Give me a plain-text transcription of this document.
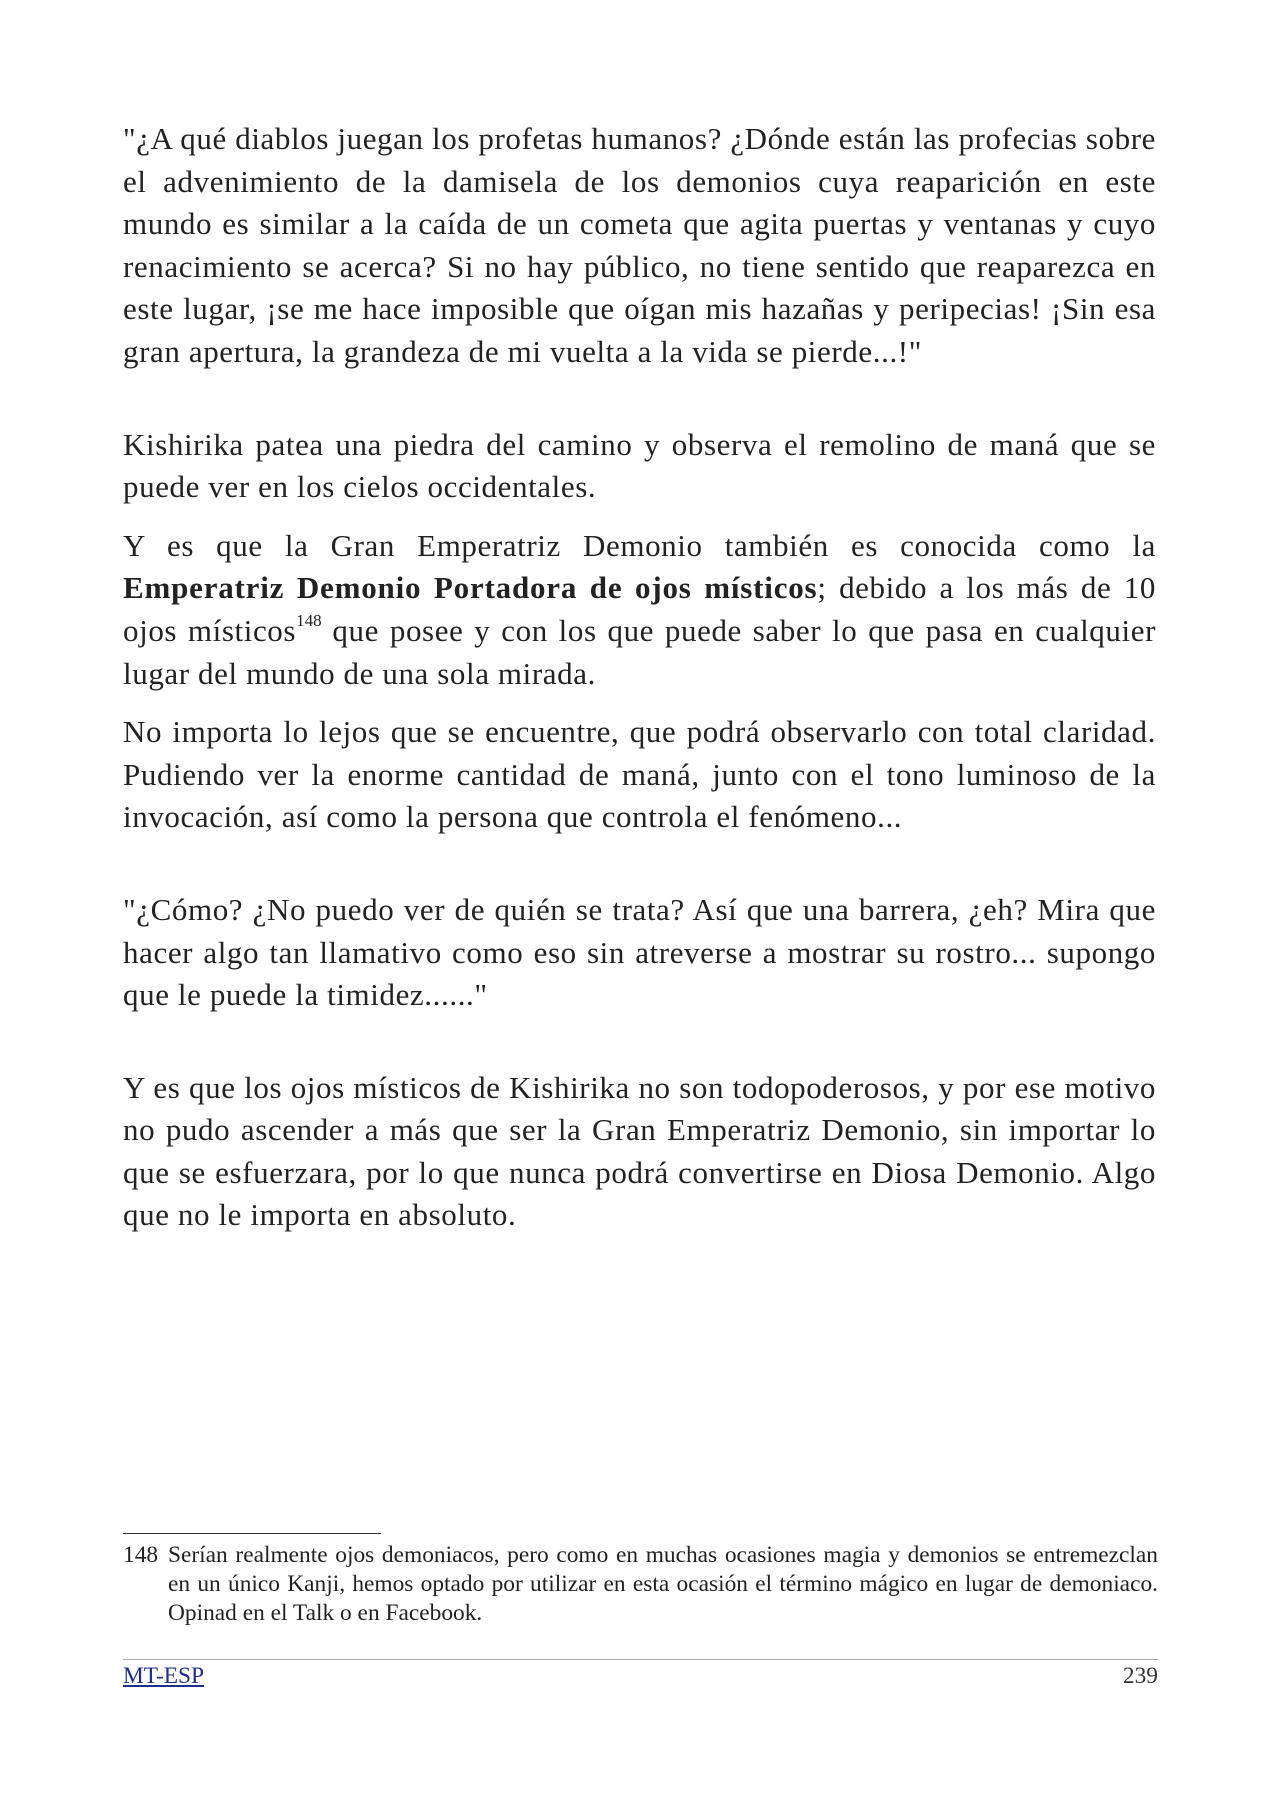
"¿A qué diablos juegan los profetas humanos? ¿Dónde están las profecias sobre el advenimiento de la damisela de los demonios cuya reaparición en este mundo es similar a la caída de un cometa que agita puertas y ventanas y cuyo renacimiento se acerca? Si no hay público, no tiene sentido que reaparezca en este lugar, ¡se me hace imposible que oígan mis hazañas y peripecias! ¡Sin esa gran apertura, la grandeza de mi vuelta a la vida se pierde...!"

Kishirika patea una piedra del camino y observa el remolino de maná que se puede ver en los cielos occidentales.

Y es que la Gran Emperatriz Demonio también es conocida como la Emperatriz Demonio Portadora de ojos místicos; debido a los más de 10 ojos místicos$^{148}$ que posee y con los que puede saber lo que pasa en cualquier lugar del mundo de una sola mirada.

No importa lo lejos que se encuentre, que podrá observarlo con total claridad. Pudiendo ver la enorme cantidad de maná, junto con el tono luminoso de la invocación, así como la persona que controla el fenómeno...

"¿Cómo? ¿No puedo ver de quién se trata? Así que una barrera, ¿eh? Mira que hacer algo tan llamativo como eso sin atreverse a mostrar su rostro... supongo que le puede la timidez......"

Y es que los ojos místicos de Kishirika no son todopoderosos, y por ese motivo no pudo ascender a más que ser la Gran Emperatriz Demonio, sin importar lo que se esfuerzara, por lo que nunca podrá convertirse en Diosa Demonio. Algo que no le importa en absoluto.

148 Serían realmente ojos demoniacos, pero como en muchas ocasiones magia y demonios se entremezclan en un único Kanji, hemos optado por utilizar en esta ocasión el término mágico en lugar de demoniaco. Opinad en el Talk o en Facebook.
MT-ESP	239
